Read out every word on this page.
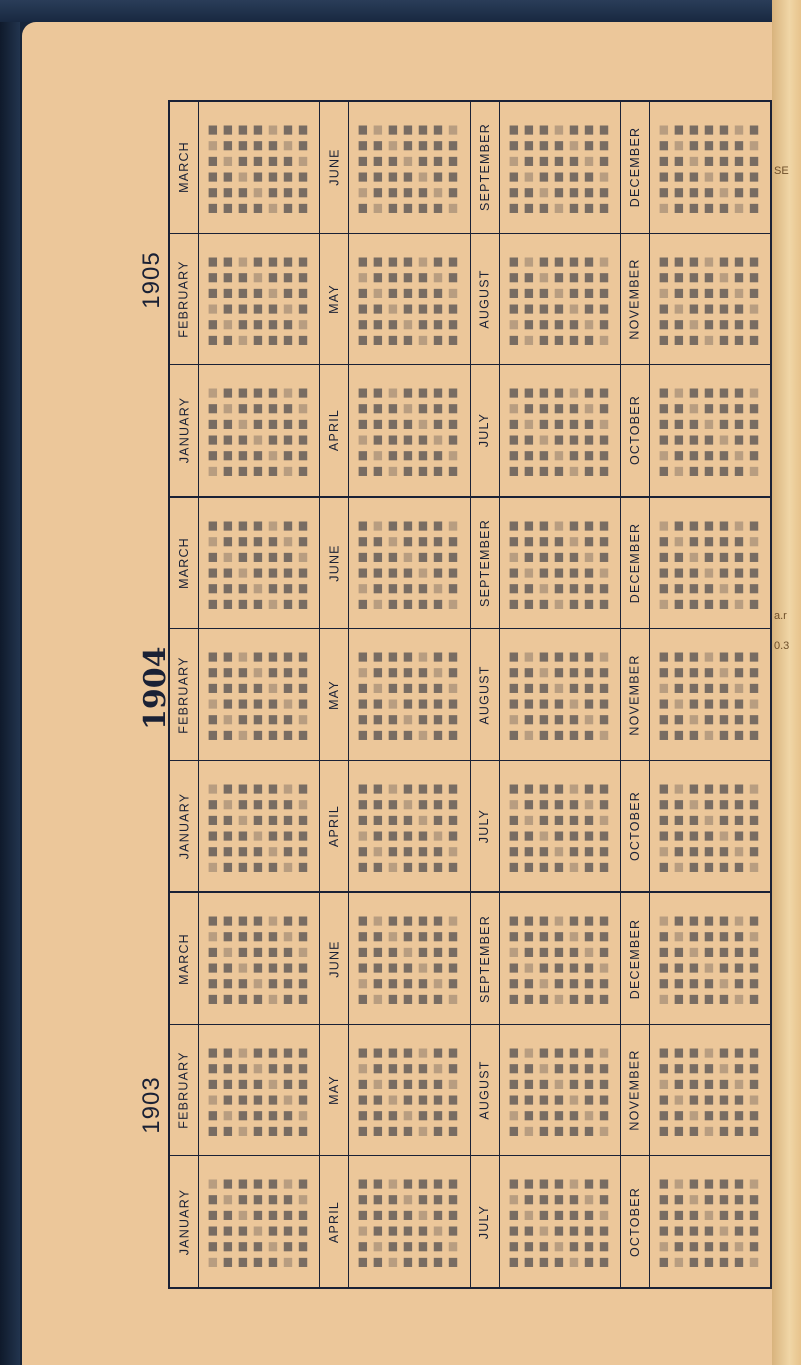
SE
a.r
0.3
1905
1904
1903
MARCH	JUNE	SEPTEMBER	DECEMBER
FEBRUARY	MAY	AUGUST	NOVEMBER
JANUARY	APRIL	JULY	OCTOBER
MARCH	JUNE	SEPTEMBER	DECEMBER
FEBRUARY	MAY	AUGUST	NOVEMBER
JANUARY	APRIL	JULY	OCTOBER
MARCH	JUNE	SEPTEMBER	DECEMBER
FEBRUARY	MAY	AUGUST	NOVEMBER
JANUARY	APRIL	JULY	OCTOBER
